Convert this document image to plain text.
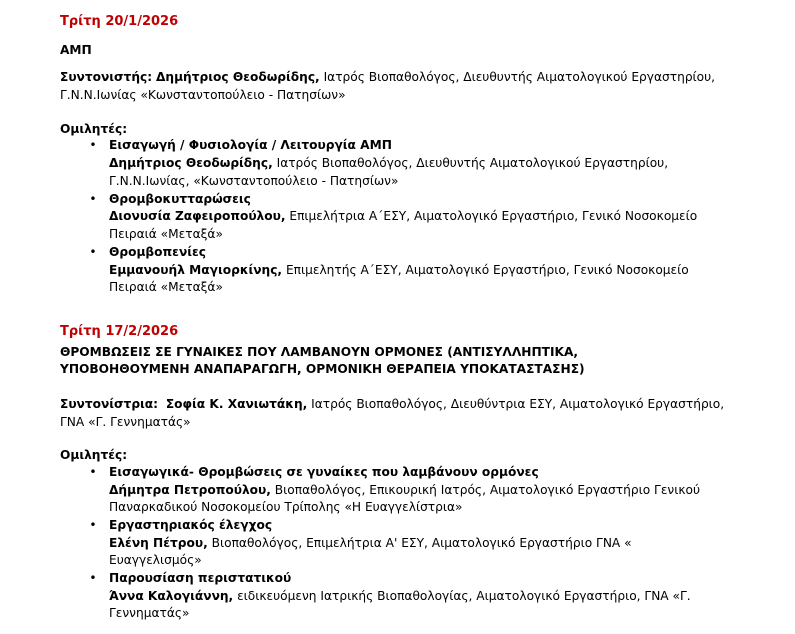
Τρίτη 20/1/2026
ΑΜΠ
Συντονιστής: Δημήτριος Θεοδωρίδης, Ιατρός Βιοπαθολόγος, Διευθυντής Αιματολογικού Εργαστηρίου,
Γ.Ν.Ν.Ιωνίας «Κωνσταντοπούλειο - Πατησίων»
Ομιλητές:
• Εισαγωγή / Φυσιολογία / Λειτουργία ΑΜΠ
Δημήτριος Θεοδωρίδης, Ιατρός Βιοπαθολόγος, Διευθυντής Αιματολογικού Εργαστηρίου,
Γ.Ν.Ν.Ιωνίας, «Κωνσταντοπούλειο - Πατησίων»
• Θρομβοκυτταρώσεις
Διονυσία Ζαφειροπούλου, Επιμελήτρια Α΄ΕΣΥ, Αιματολογικό Εργαστήριο, Γενικό Νοσοκομείο
Πειραιά «Μεταξά»
• Θρομβοπενίες
Εμμανουήλ Μαγιορκίνης, Επιμελητής Α΄ΕΣΥ, Αιματολογικό Εργαστήριο, Γενικό Νοσοκομείο
Πειραιά «Μεταξά»
Τρίτη 17/2/2026
ΘΡΟΜΒΩΣΕΙΣ ΣΕ ΓΥΝΑΙΚΕΣ ΠΟΥ ΛΑΜΒΑΝΟΥΝ ΟΡΜΟΝΕΣ (ΑΝΤΙΣΥΛΛΗΠΤΙΚΑ,
ΥΠΟΒΟΗΘΟΥΜΕΝΗ ΑΝΑΠΑΡΑΓΩΓΗ, ΟΡΜΟΝΙΚΗ ΘΕΡΑΠΕΙΑ ΥΠΟΚΑΤΑΣΤΑΣΗΣ)
Συντονίστρια: Σοφία Κ. Χανιωτάκη, Ιατρός Βιοπαθολόγος, Διευθύντρια ΕΣΥ, Αιματολογικό Εργαστήριο,
ΓΝΑ «Γ. Γεννηματάς»
Ομιλητές:
• Εισαγωγικά- Θρομβώσεις σε γυναίκες που λαμβάνουν ορμόνες
Δήμητρα Πετροπούλου, Βιοπαθολόγος, Επικουρική Ιατρός, Αιματολογικό Εργαστήριο Γενικού
Παναρκαδικού Νοσοκομείου Τρίπολης «Η Ευαγγελίστρια»
• Εργαστηριακός έλεγχος
Ελένη Πέτρου, Βιοπαθολόγος, Επιμελήτρια Α' ΕΣΥ, Αιματολογικό Εργαστήριο ΓΝΑ «
Ευαγγελισμός»
• Παρουσίαση περιστατικού
Άννα Καλογιάννη, ειδικευόμενη Ιατρικής Βιοπαθολογίας, Αιματολογικό Εργαστήριο, ΓΝΑ «Γ.
Γεννηματάς»
